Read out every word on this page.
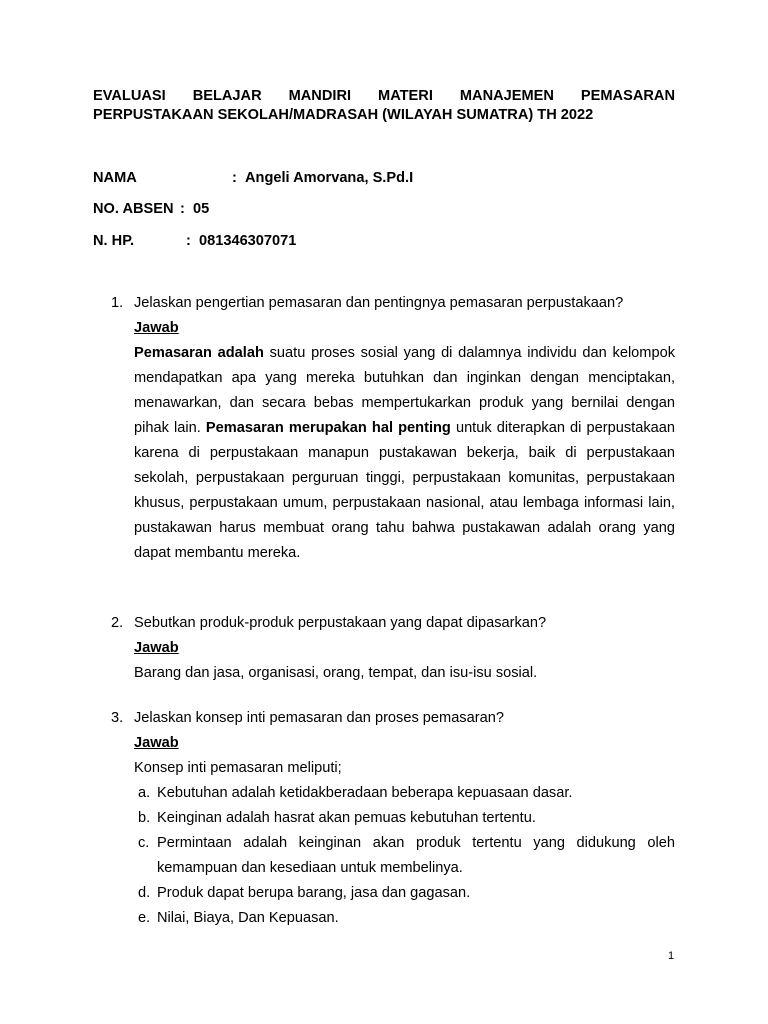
EVALUASI BELAJAR MANDIRI MATERI MANAJEMEN PEMASARAN
PERPUSTAKAAN SEKOLAH/MADRASAH (WILAYAH SUMATRA) TH 2022
NAMA	: Angeli Amorvana, S.Pd.I
NO. ABSEN : 05
N. HP.	: 081346307071
1. Jelaskan pengertian pemasaran dan pentingnya pemasaran perpustakaan?
Jawab
Pemasaran adalah suatu proses sosial yang di dalamnya individu dan kelompok mendapatkan apa yang mereka butuhkan dan inginkan dengan menciptakan, menawarkan, dan secara bebas mempertukarkan produk yang bernilai dengan pihak lain. Pemasaran merupakan hal penting untuk diterapkan di perpustakaan karena di perpustakaan manapun pustakawan bekerja, baik di perpustakaan sekolah, perpustakaan perguruan tinggi, perpustakaan komunitas, perpustakaan khusus, perpustakaan umum, perpustakaan nasional, atau lembaga informasi lain, pustakawan harus membuat orang tahu bahwa pustakawan adalah orang yang dapat membantu mereka.
2. Sebutkan produk-produk perpustakaan yang dapat dipasarkan?
Jawab
Barang dan jasa, organisasi, orang, tempat, dan isu-isu sosial.
3. Jelaskan konsep inti pemasaran dan proses pemasaran?
Jawab
Konsep inti pemasaran meliputi;
a. Kebutuhan adalah ketidakberadaan beberapa kepuasaan dasar.
b. Keinginan adalah hasrat akan pemuas kebutuhan tertentu.
c. Permintaan adalah keinginan akan produk tertentu yang didukung oleh kemampuan dan kesediaan untuk membelinya.
d. Produk dapat berupa barang, jasa dan gagasan.
e. Nilai, Biaya, Dan Kepuasan.
1
